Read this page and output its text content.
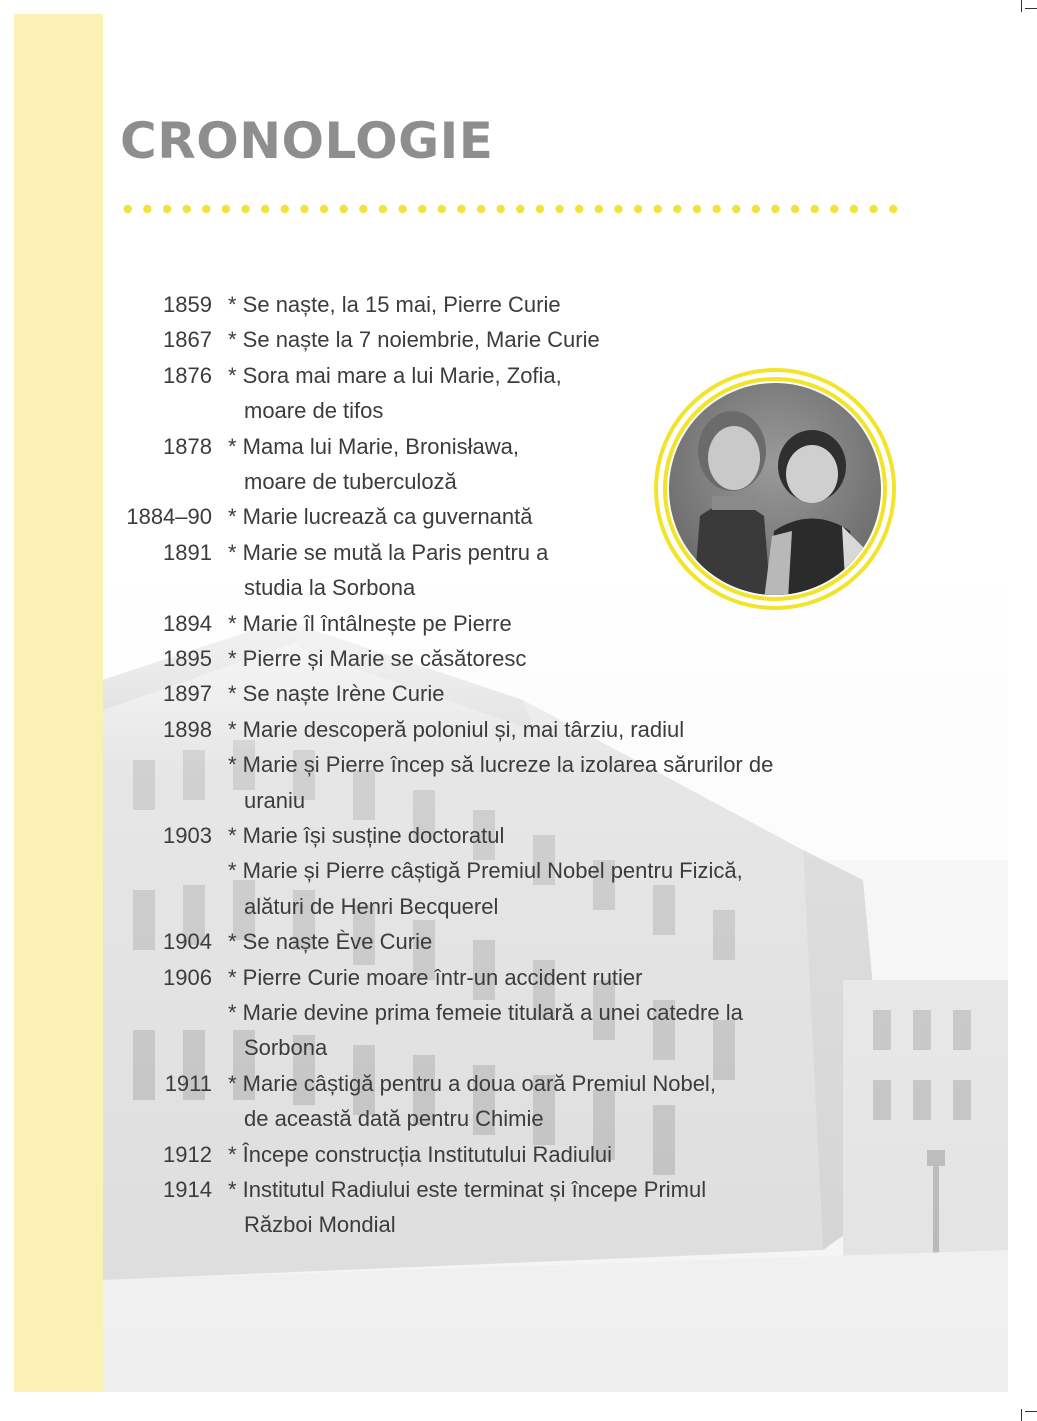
CRONOLOGIE
1859 * Se naște, la 15 mai, Pierre Curie
1867 * Se naște la 7 noiembrie, Marie Curie
1876 * Sora mai mare a lui Marie, Zofia,
moare de tifos
1878 * Mama lui Marie, Bronisława,
moare de tuberculoză
1884–90 * Marie lucrează ca guvernantă
1891 * Marie se mută la Paris pentru a
studia la Sorbona
1894 * Marie îl întâlnește pe Pierre
1895 * Pierre și Marie se căsătoresc
1897 * Se naște Irène Curie
1898 * Marie descoperă poloniul și, mai târziu, radiul
* Marie și Pierre încep să lucreze la izolarea sărurilor de
uraniu
1903 * Marie își susține doctoratul
* Marie și Pierre câștigă Premiul Nobel pentru Fizică,
alături de Henri Becquerel
1904 * Se naște Ève Curie
1906 * Pierre Curie moare într-un accident rutier
* Marie devine prima femeie titulară a unei catedre la
Sorbona
1911 * Marie câștigă pentru a doua oară Premiul Nobel,
de această dată pentru Chimie
1912 * Începe construcția Institutului Radiului
1914 * Institutul Radiului este terminat și începe Primul
Război Mondial
